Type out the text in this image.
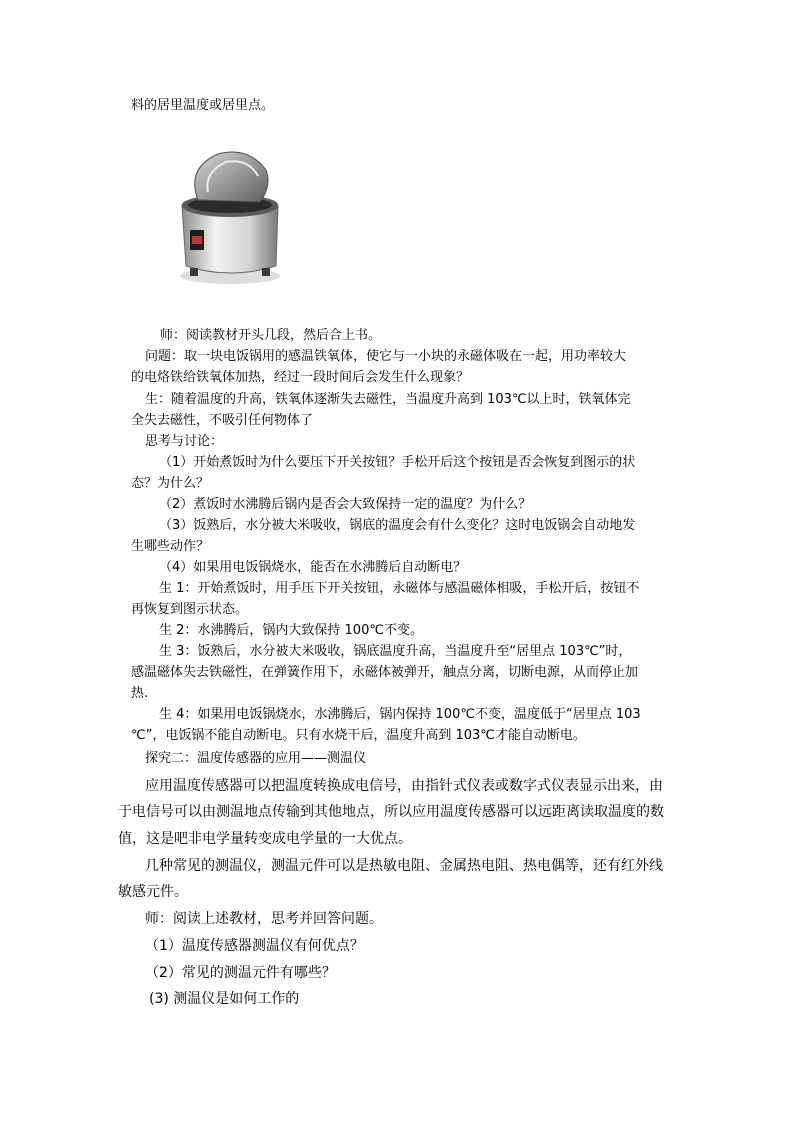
料的居里温度或居里点。
师：阅读教材开头几段，然后合上书。
问题：取一块电饭锅用的感温铁氧体，使它与一小块的永磁体吸在一起，用功率较大
的电烙铁给铁氧体加热，经过一段时间后会发生什么现象？
生：随着温度的升高，铁氧体逐渐失去磁性，当温度升高到 103℃以上时，铁氧体完
全失去磁性，不吸引任何物体了
思考与讨论：
（1）开始煮饭时为什么要压下开关按钮？手松开后这个按钮是否会恢复到图示的状
态？为什么？
（2）煮饭时水沸腾后锅内是否会大致保持一定的温度？为什么？
（3）饭熟后，水分被大米吸收，锅底的温度会有什么变化？这时电饭锅会自动地发
生哪些动作？
（4）如果用电饭锅烧水，能否在水沸腾后自动断电？
生 1：开始煮饭时，用手压下开关按钮，永磁体与感温磁体相吸，手松开后，按钮不
再恢复到图示状态。
生 2：水沸腾后，锅内大致保持 100℃不变。
生 3：饭熟后，水分被大米吸收，锅底温度升高，当温度升至“居里点 103℃”时，
感温磁体失去铁磁性，在弹簧作用下，永磁体被弹开，触点分离，切断电源，从而停止加
热.
生 4：如果用电饭锅烧水，水沸腾后，锅内保持 100℃不变，温度低于“居里点 103
℃”，电饭锅不能自动断电。只有水烧干后，温度升高到 103℃才能自动断电。
探究二：温度传感器的应用——测温仪
应用温度传感器可以把温度转换成电信号，由指针式仪表或数字式仪表显示出来，由
于电信号可以由测温地点传输到其他地点，所以应用温度传感器可以远距离读取温度的数
值，这是吧非电学量转变成电学量的一大优点。
几种常见的测温仪，测温元件可以是热敏电阻、金属热电阻、热电偶等，还有红外线
敏感元件。
师：阅读上述教材，思考并回答问题。
（1）温度传感器测温仪有何优点？
（2）常见的测温元件有哪些？
(3) 测温仪是如何工作的
